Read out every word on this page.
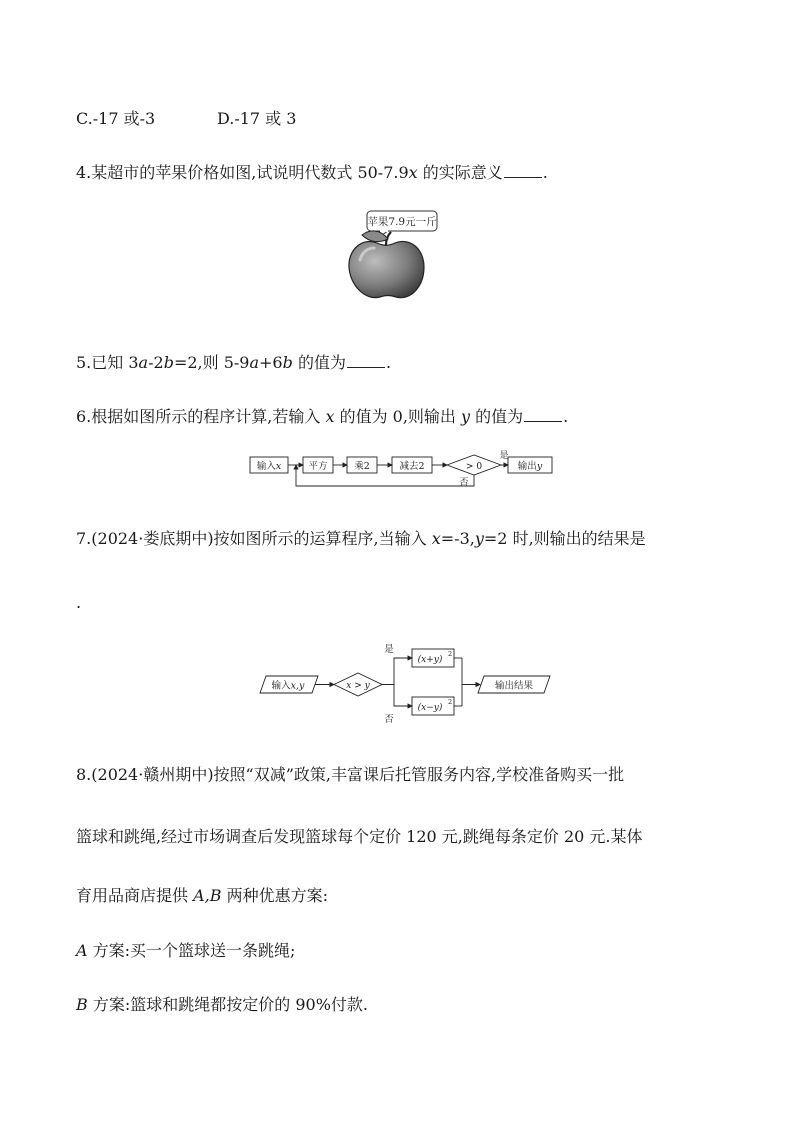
C.-17 或-3	D.-17 或 3
4.某超市的苹果价格如图,试说明代数式 50-7.9x 的实际意义	.
苹果7.9元一斤
5.已知 3a-2b=2,则 5-9a+6b 的值为	.
6.根据如图所示的程序计算,若输入 x 的值为 0,则输出 y 的值为	.
输入x	平方	乘2	减去2	> 0	输出y
是
否
7.(2024·娄底期中)按如图所示的运算程序,当输入 x=-3,y=2 时,则输出的结果是
.
输入x,y	x > y
是
否
(x+y)
2
(x−y)
2
输出结果
8.(2024·赣州期中)按照“双减”政策,丰富课后托管服务内容,学校准备购买一批
篮球和跳绳,经过市场调查后发现篮球每个定价 120 元,跳绳每条定价 20 元.某体
育用品商店提供 A,B 两种优惠方案:
A 方案:买一个篮球送一条跳绳;
B 方案:篮球和跳绳都按定价的 90%付款.
